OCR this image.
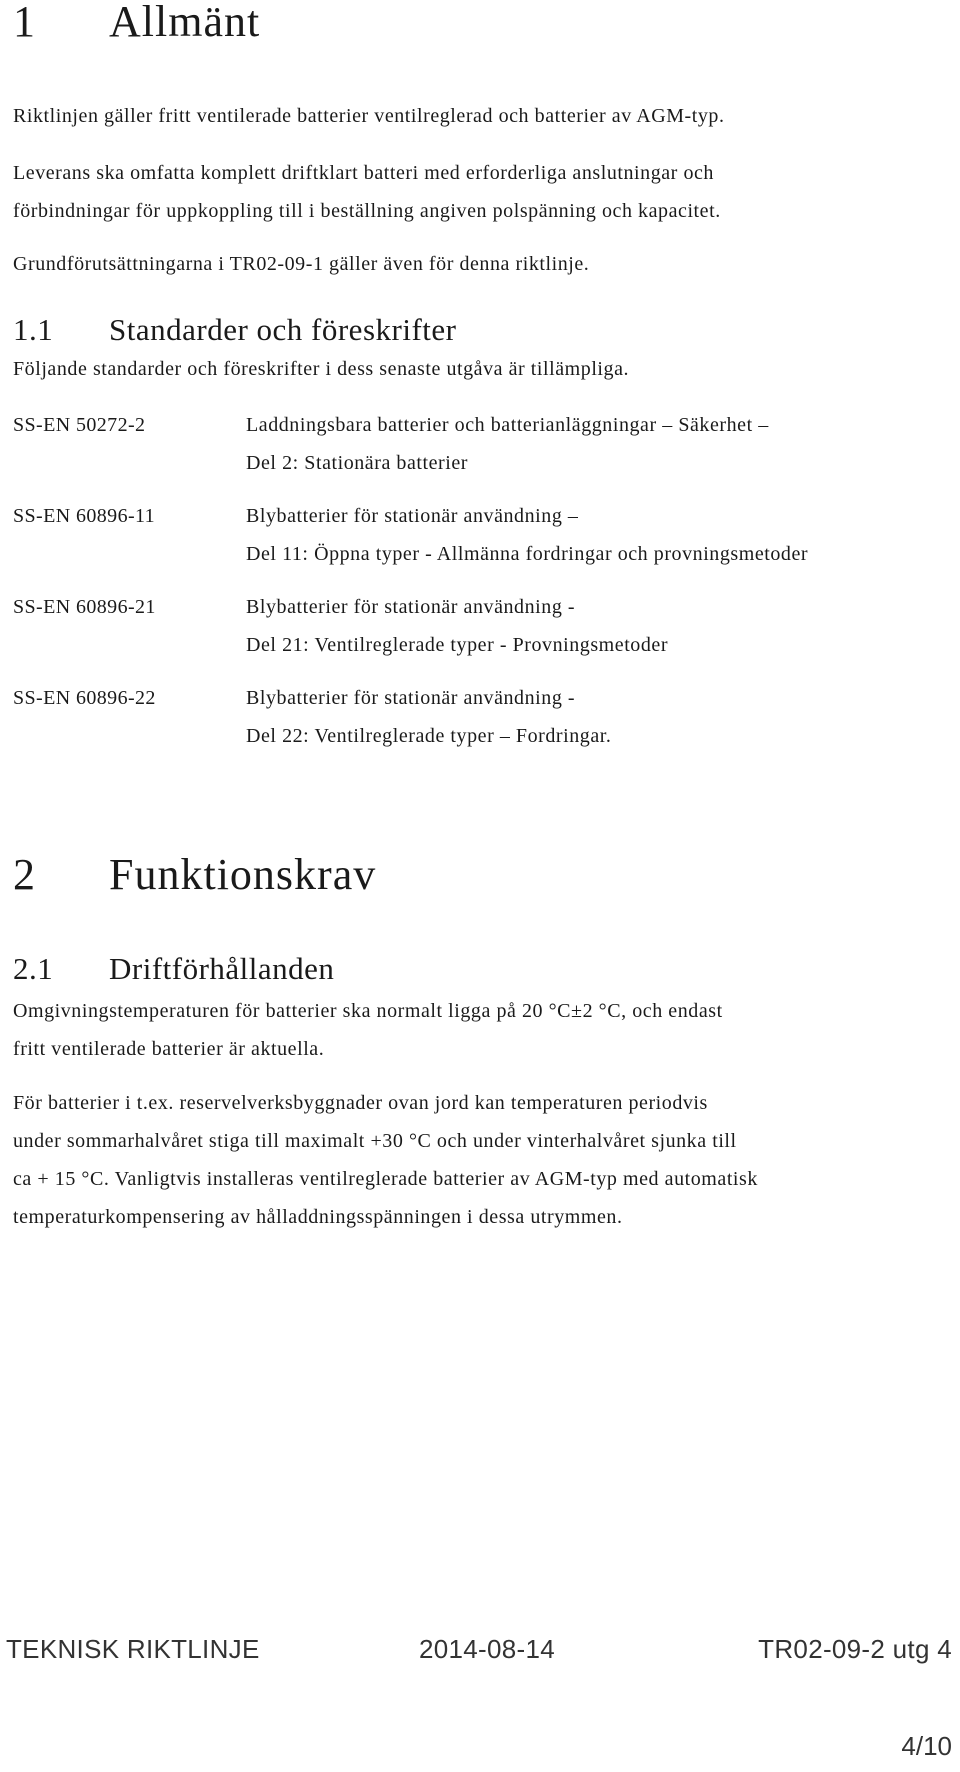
1 Allmänt

Riktlinjen gäller fritt ventilerade batterier ventilreglerad och batterier av AGM-typ.

Leverans ska omfatta komplett driftklart batteri med erforderliga anslutningar och
förbindningar för uppkoppling till i beställning angiven polspänning och kapacitet.

Grundförutsättningarna i TR02-09-1 gäller även för denna riktlinje.

1.1 Standarder och föreskrifter

Följande standarder och föreskrifter i dess senaste utgåva är tillämpliga.

SS-EN 50272-2	Laddningsbara batterier och batterianläggningar – Säkerhet –
Del 2: Stationära batterier

SS-EN 60896-11	Blybatterier för stationär användning –
Del 11: Öppna typer - Allmänna fordringar och provningsmetoder

SS-EN 60896-21	Blybatterier för stationär användning -
Del 21: Ventilreglerade typer - Provningsmetoder

SS-EN 60896-22	Blybatterier för stationär användning -
Del 22: Ventilreglerade typer – Fordringar.

2 Funktionskrav
2.1 Driftförhållanden

Omgivningstemperaturen för batterier ska normalt ligga på 20 °C±2 °C, och endast
fritt ventilerade batterier är aktuella.

För batterier i t.ex. reservelverksbyggnader ovan jord kan temperaturen periodvis
under sommarhalvåret stiga till maximalt +30 °C och under vinterhalvåret sjunka till
ca + 15 °C. Vanligtvis installeras ventilreglerade batterier av AGM-typ med automatisk
temperaturkompensering av hålladdningsspänningen i dessa utrymmen.

TEKNISK RIKTLINJE	2014-08-14	TR02-09-2 utg 4

4/10
